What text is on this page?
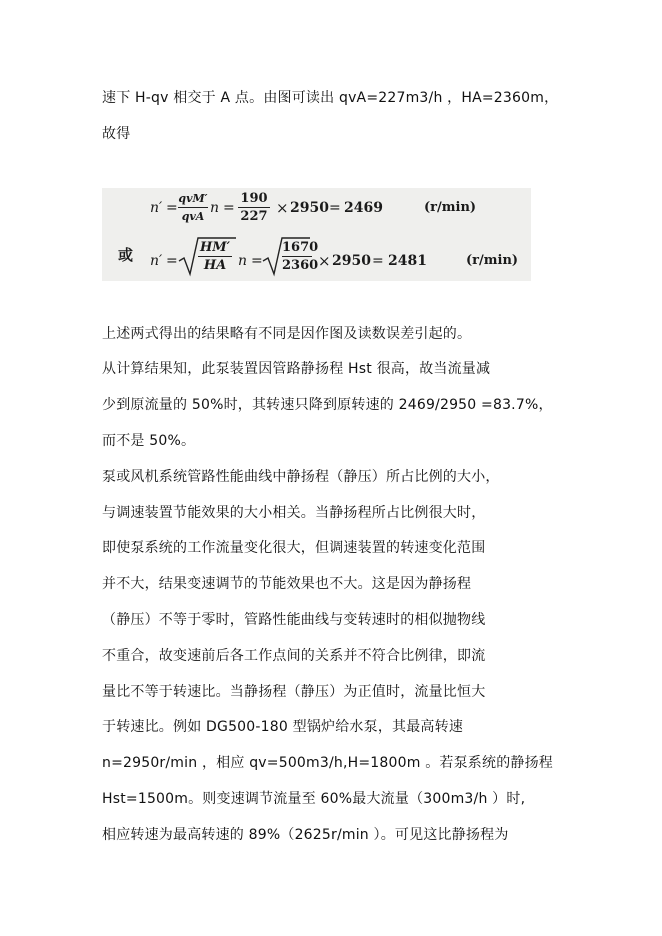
速下 H-qv 相交于 A 点。由图可读出 qvA=227m3/h ，HA=2360m，
故得
n′ =
qvM′
qvA
n =
190
227 × 2950 = 2469	(r/min)
或 n′ =
HM′
HA n =
1670
2360 × 2950 = 2481	(r/min)
上述两式得出的结果略有不同是因作图及读数误差引起的。
从计算结果知，此泵装置因管路静扬程 Hst 很高，故当流量减
少到原流量的 50%时，其转速只降到原转速的 2469/2950 =83.7%，
而不是 50%。
泵或风机系统管路性能曲线中静扬程（静压）所占比例的大小，
与调速装置节能效果的大小相关。当静扬程所占比例很大时，
即使泵系统的工作流量变化很大，但调速装置的转速变化范围
并不大，结果变速调节的节能效果也不大。这是因为静扬程
（静压）不等于零时，管路性能曲线与变转速时的相似抛物线
不重合，故变速前后各工作点间的关系并不符合比例律，即流
量比不等于转速比。当静扬程（静压）为正值时，流量比恒大
于转速比。例如 DG500-180 型锅炉给水泵，其最高转速
n=2950r/min ，相应 qv=500m3/h,H=1800m 。若泵系统的静扬程
Hst=1500m。则变速调节流量至 60%最大流量（300m3/h ）时,
相应转速为最高转速的 89%（2625r/min ）。可见这比静扬程为
